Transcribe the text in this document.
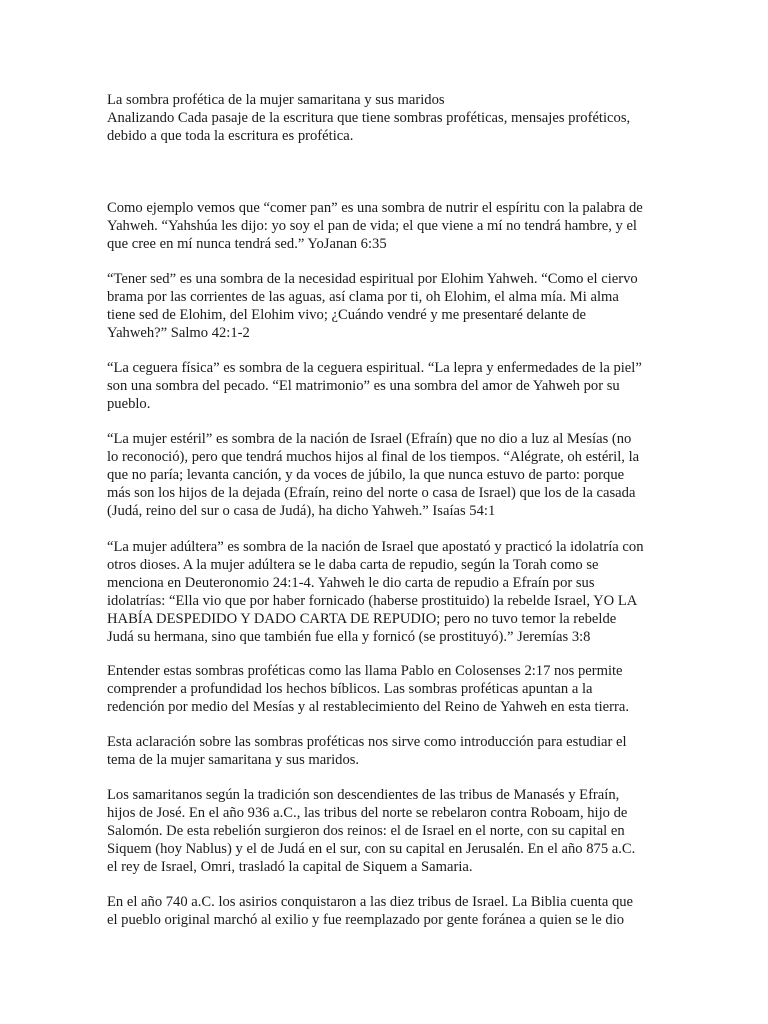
La sombra profética de la mujer samaritana y sus maridos
Analizando Cada pasaje de la escritura que tiene sombras proféticas, mensajes proféticos,
debido a que toda la escritura es profética.
Como ejemplo vemos que “comer pan” es una sombra de nutrir el espíritu con la palabra de
Yahweh. “Yahshúa les dijo: yo soy el pan de vida; el que viene a mí no tendrá hambre, y el
que cree en mí nunca tendrá sed.” YoJanan 6:35
“Tener sed” es una sombra de la necesidad espiritual por Elohim Yahweh. “Como el ciervo
brama por las corrientes de las aguas, así clama por ti, oh Elohim, el alma mía. Mi alma
tiene sed de Elohim, del Elohim vivo; ¿Cuándo vendré y me presentaré delante de
Yahweh?” Salmo 42:1-2
“La ceguera física” es sombra de la ceguera espiritual. “La lepra y enfermedades de la piel”
son una sombra del pecado. “El matrimonio” es una sombra del amor de Yahweh por su
pueblo.
“La mujer estéril” es sombra de la nación de Israel (Efraín) que no dio a luz al Mesías (no
lo reconoció), pero que tendrá muchos hijos al final de los tiempos. “Alégrate, oh estéril, la
que no paría; levanta canción, y da voces de júbilo, la que nunca estuvo de parto: porque
más son los hijos de la dejada (Efraín, reino del norte o casa de Israel) que los de la casada
(Judá, reino del sur o casa de Judá), ha dicho Yahweh.” Isaías 54:1
“La mujer adúltera” es sombra de la nación de Israel que apostató y practicó la idolatría con
otros dioses. A la mujer adúltera se le daba carta de repudio, según la Torah como se
menciona en Deuteronomio 24:1-4. Yahweh le dio carta de repudio a Efraín por sus
idolatrías: “Ella vio que por haber fornicado (haberse prostituido) la rebelde Israel, YO LA
HABÍA DESPEDIDO Y DADO CARTA DE REPUDIO; pero no tuvo temor la rebelde
Judá su hermana, sino que también fue ella y fornicó (se prostituyó).” Jeremías 3:8
Entender estas sombras proféticas como las llama Pablo en Colosenses 2:17 nos permite
comprender a profundidad los hechos bíblicos. Las sombras proféticas apuntan a la
redención por medio del Mesías y al restablecimiento del Reino de Yahweh en esta tierra.
Esta aclaración sobre las sombras proféticas nos sirve como introducción para estudiar el
tema de la mujer samaritana y sus maridos.
Los samaritanos según la tradición son descendientes de las tribus de Manasés y Efraín,
hijos de José. En el año 936 a.C., las tribus del norte se rebelaron contra Roboam, hijo de
Salomón. De esta rebelión surgieron dos reinos: el de Israel en el norte, con su capital en
Siquem (hoy Nablus) y el de Judá en el sur, con su capital en Jerusalén. En el año 875 a.C.
el rey de Israel, Omri, trasladó la capital de Siquem a Samaria.
En el año 740 a.C. los asirios conquistaron a las diez tribus de Israel. La Biblia cuenta que
el pueblo original marchó al exilio y fue reemplazado por gente foránea a quien se le dio
